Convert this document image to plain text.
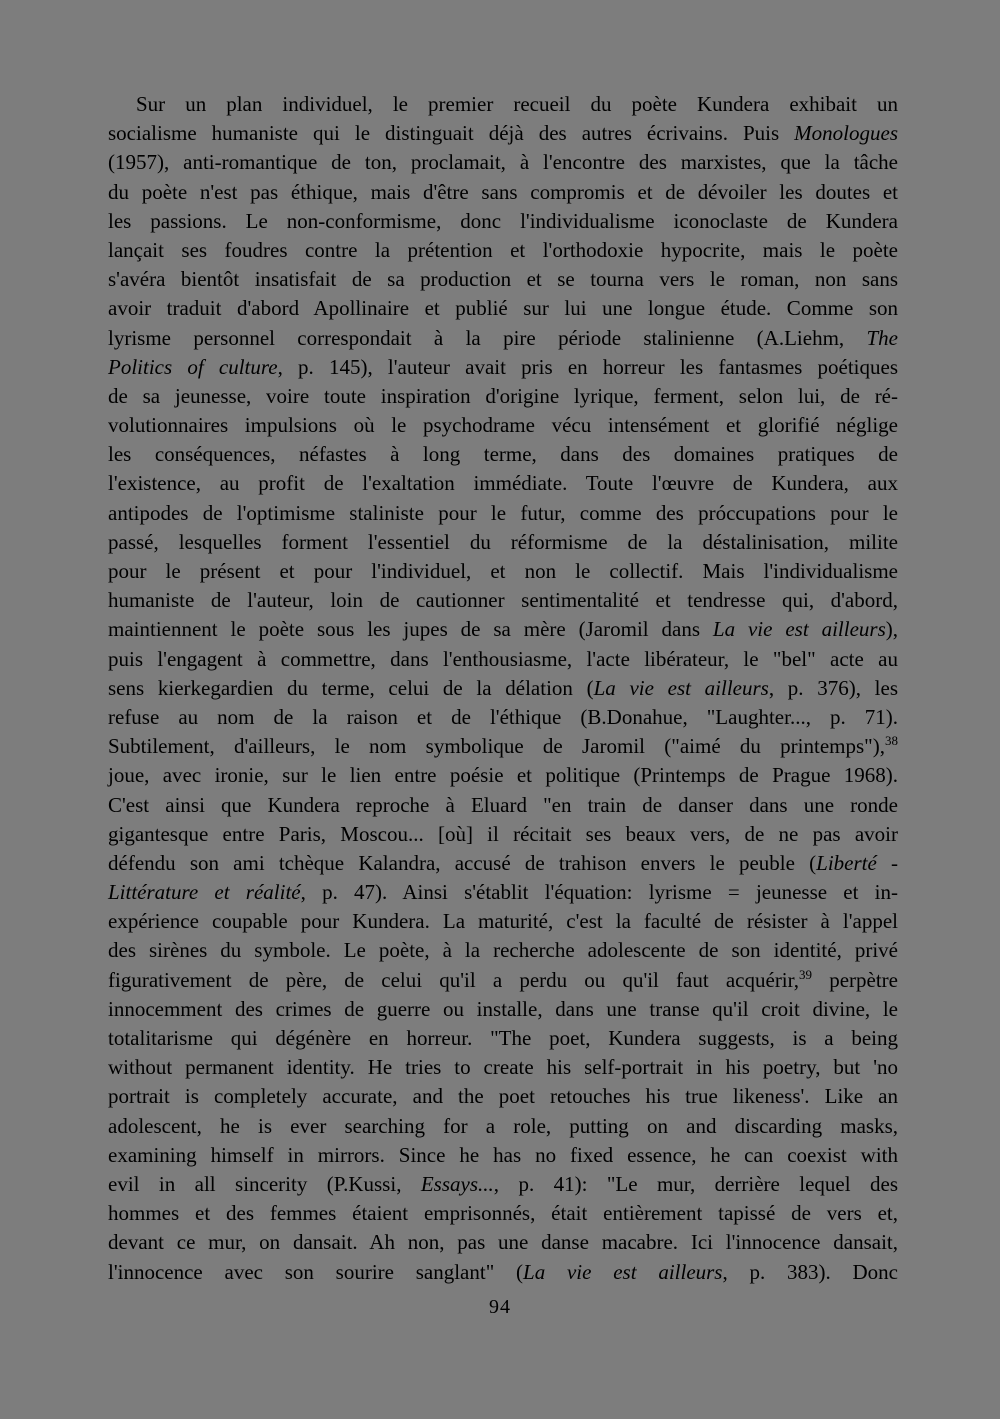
Sur un plan individuel, le premier recueil du poète Kundera exhibait un
socialisme humaniste qui le distinguait déjà des autres écrivains. Puis Monologues
(1957), anti-romantique de ton, proclamait, à l'encontre des marxistes, que la tâche
du poète n'est pas éthique, mais d'être sans compromis et de dévoiler les doutes et
les passions. Le non-conformisme, donc l'individualisme iconoclaste de Kundera
lançait ses foudres contre la prétention et l'orthodoxie hypocrite, mais le poète
s'avéra bientôt insatisfait de sa production et se tourna vers le roman, non sans
avoir traduit d'abord Apollinaire et publié sur lui une longue étude. Comme son
lyrisme personnel correspondait à la pire période stalinienne (A.Liehm, The
Politics of culture, p. 145), l'auteur avait pris en horreur les fantasmes poétiques
de sa jeunesse, voire toute inspiration d'origine lyrique, ferment, selon lui, de ré-
volutionnaires impulsions où le psychodrame vécu intensément et glorifié néglige
les conséquences, néfastes à long terme, dans des domaines pratiques de
l'existence, au profit de l'exaltation immédiate. Toute l'œuvre de Kundera, aux
antipodes de l'optimisme staliniste pour le futur, comme des próccupations pour le
passé, lesquelles forment l'essentiel du réformisme de la déstalinisation, milite
pour le présent et pour l'individuel, et non le collectif. Mais l'individualisme
humaniste de l'auteur, loin de cautionner sentimentalité et tendresse qui, d'abord,
maintiennent le poète sous les jupes de sa mère (Jaromil dans La vie est ailleurs),
puis l'engagent à commettre, dans l'enthousiasme, l'acte libérateur, le "bel" acte au
sens kierkegardien du terme, celui de la délation (La vie est ailleurs, p. 376), les
refuse au nom de la raison et de l'éthique (B.Donahue, "Laughter..., p. 71).
Subtilement, d'ailleurs, le nom symbolique de Jaromil ("aimé du printemps"),$^{38}$
joue, avec ironie, sur le lien entre poésie et politique (Printemps de Prague 1968).
C'est ainsi que Kundera reproche à Eluard "en train de danser dans une ronde
gigantesque entre Paris, Moscou... [où] il récitait ses beaux vers, de ne pas avoir
défendu son ami tchèque Kalandra, accusé de trahison envers le peuble (Liberté -
Littérature et réalité, p. 47). Ainsi s'établit l'équation: lyrisme = jeunesse et in-
expérience coupable pour Kundera. La maturité, c'est la faculté de résister à l'appel
des sirènes du symbole. Le poète, à la recherche adolescente de son identité, privé
figurativement de père, de celui qu'il a perdu ou qu'il faut acquérir,$^{39}$ perpètre
innocemment des crimes de guerre ou installe, dans une transe qu'il croit divine, le
totalitarisme qui dégénère en horreur. "The poet, Kundera suggests, is a being
without permanent identity. He tries to create his self-portrait in his poetry, but 'no
portrait is completely accurate, and the poet retouches his true likeness'. Like an
adolescent, he is ever searching for a role, putting on and discarding masks,
examining himself in mirrors. Since he has no fixed essence, he can coexist with
evil in all sincerity (P.Kussi, Essays..., p. 41): "Le mur, derrière lequel des
hommes et des femmes étaient emprisonnés, était entièrement tapissé de vers et,
devant ce mur, on dansait. Ah non, pas une danse macabre. Ici l'innocence dansait,
l'innocence avec son sourire sanglant" (La vie est ailleurs, p. 383). Donc
94
